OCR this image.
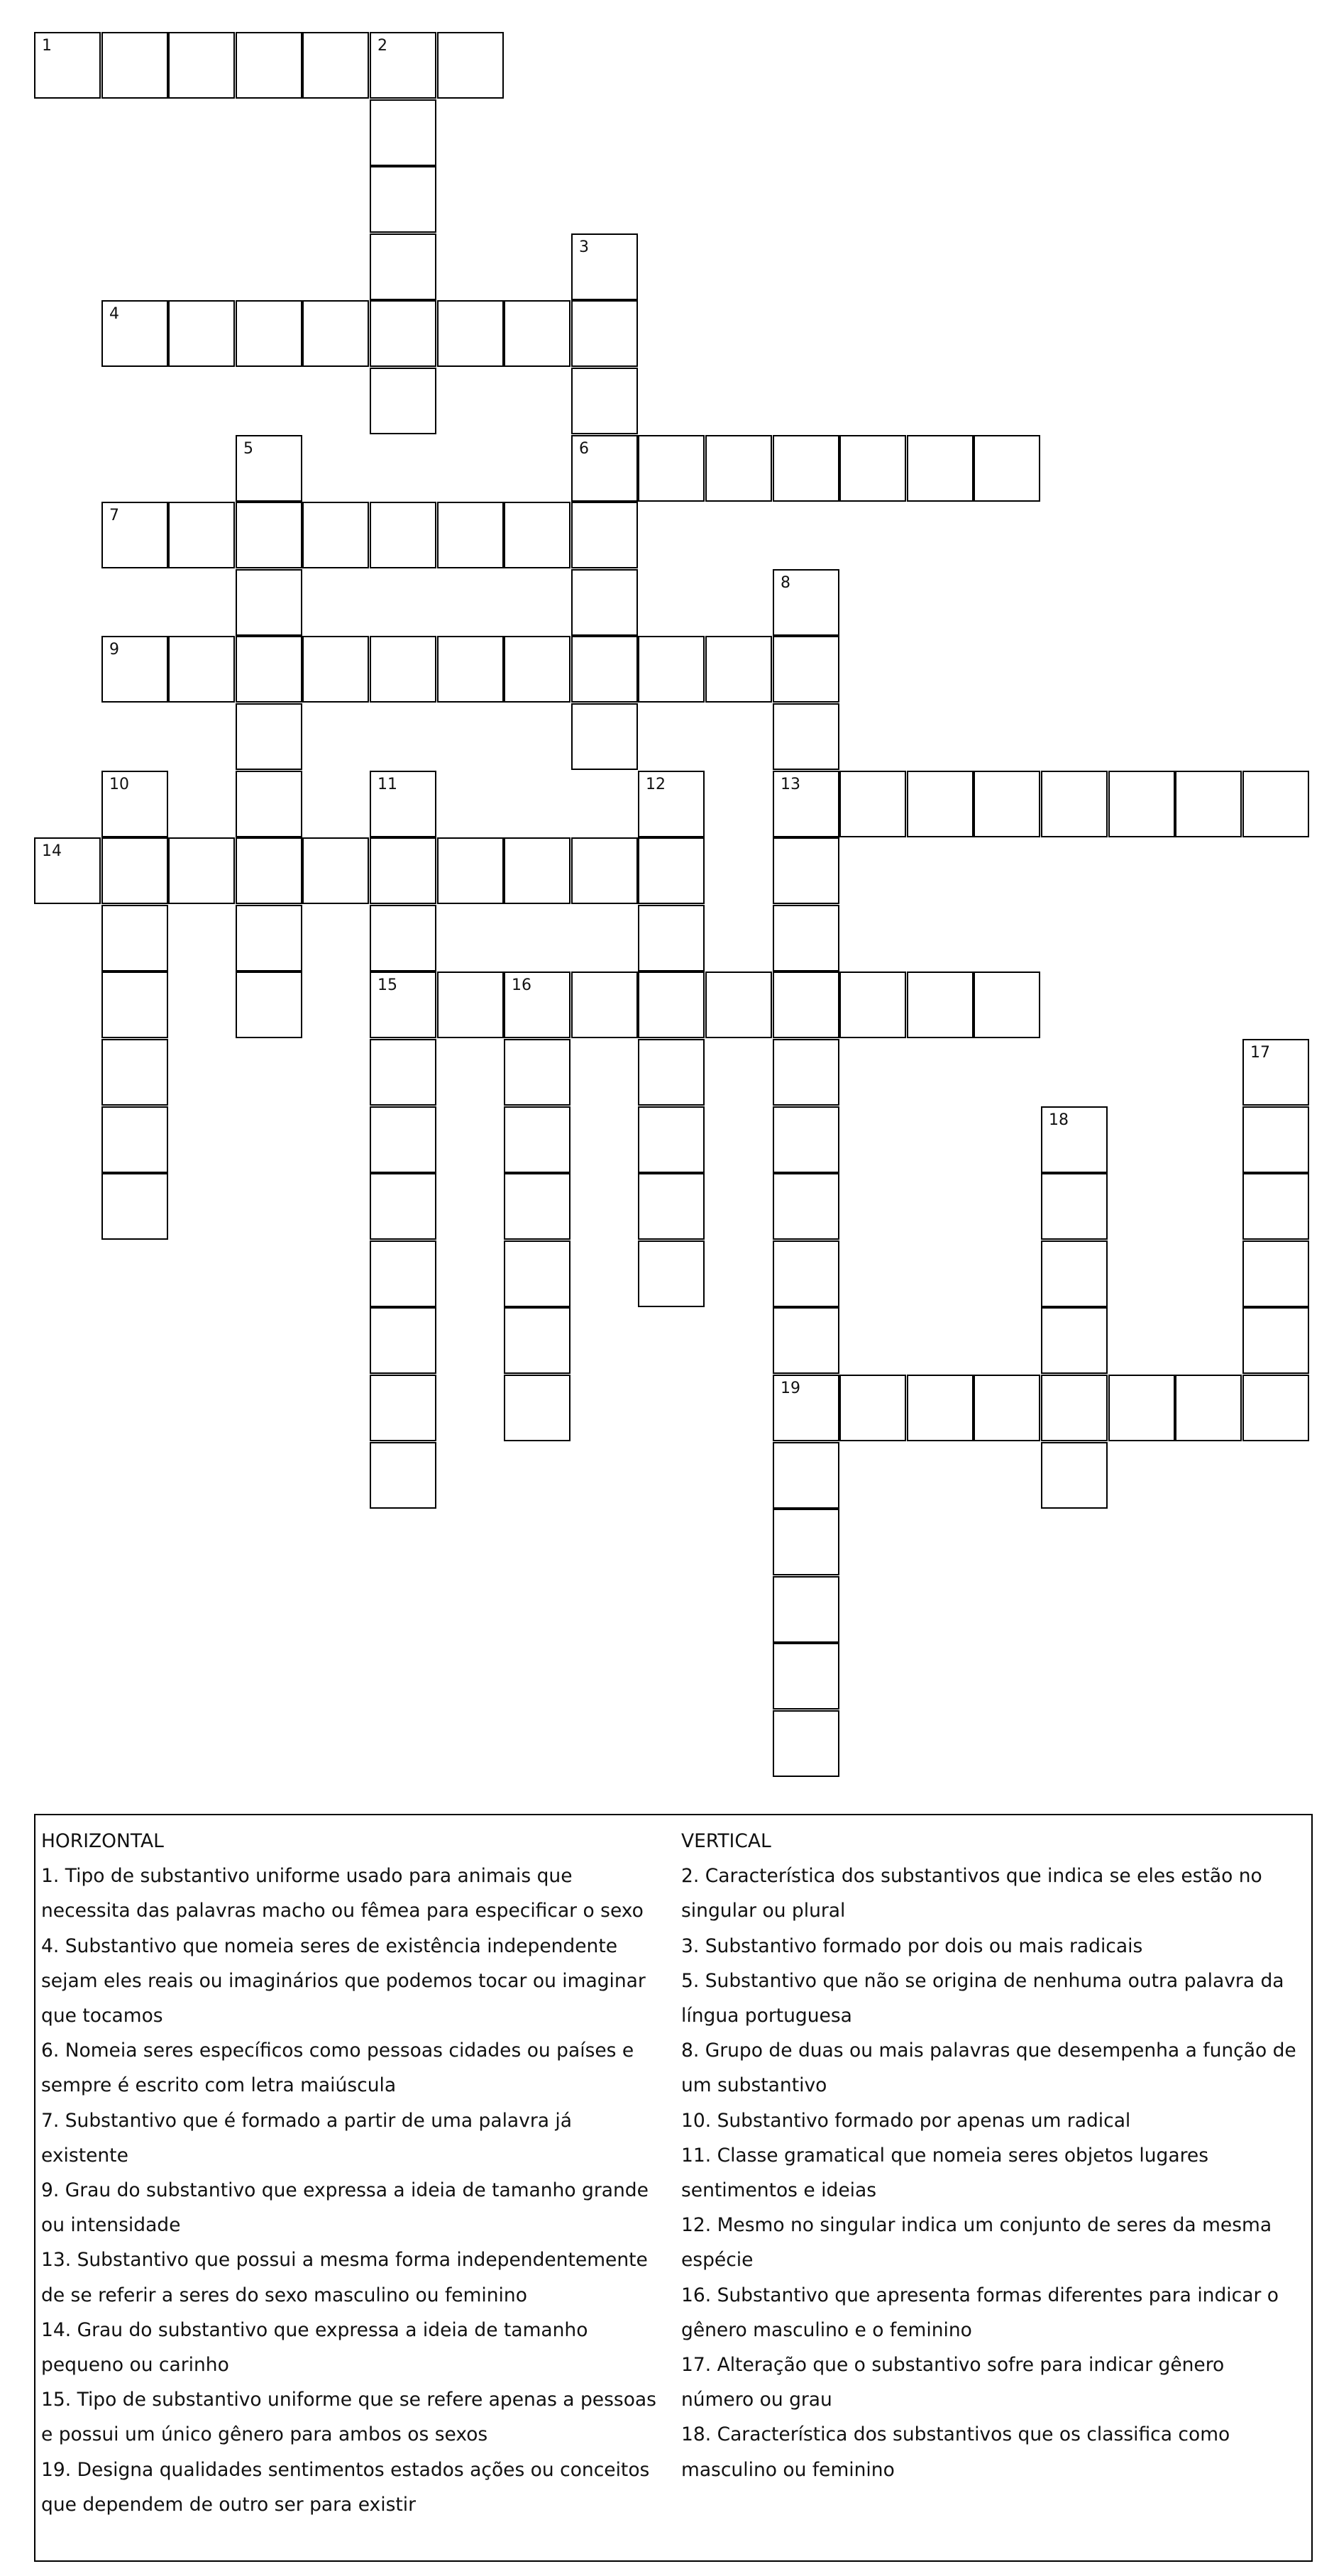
1	2
3
4
5	6
7
8
9
10	11	12	13
14
15	16
17
18
19

HORIZONTAL

1. Tipo de substantivo uniforme usado para animais que

necessita das palavras macho ou fêmea para especificar o sexo

4. Substantivo que nomeia seres de existência independente

sejam eles reais ou imaginários que podemos tocar ou imaginar

que tocamos

6. Nomeia seres específicos como pessoas cidades ou países e

sempre é escrito com letra maiúscula

7. Substantivo que é formado a partir de uma palavra já

existente

9. Grau do substantivo que expressa a ideia de tamanho grande

ou intensidade

13. Substantivo que possui a mesma forma independentemente

de se referir a seres do sexo masculino ou feminino

14. Grau do substantivo que expressa a ideia de tamanho

pequeno ou carinho

15. Tipo de substantivo uniforme que se refere apenas a pessoas

e possui um único gênero para ambos os sexos

19. Designa qualidades sentimentos estados ações ou conceitos

que dependem de outro ser para existir

VERTICAL

2. Característica dos substantivos que indica se eles estão no

singular ou plural

3. Substantivo formado por dois ou mais radicais

5. Substantivo que não se origina de nenhuma outra palavra da

língua portuguesa

8. Grupo de duas ou mais palavras que desempenha a função de

um substantivo

10. Substantivo formado por apenas um radical

11. Classe gramatical que nomeia seres objetos lugares

sentimentos e ideias

12. Mesmo no singular indica um conjunto de seres da mesma

espécie

16. Substantivo que apresenta formas diferentes para indicar o

gênero masculino e o feminino

17. Alteração que o substantivo sofre para indicar gênero

número ou grau

18. Característica dos substantivos que os classifica como

masculino ou feminino
